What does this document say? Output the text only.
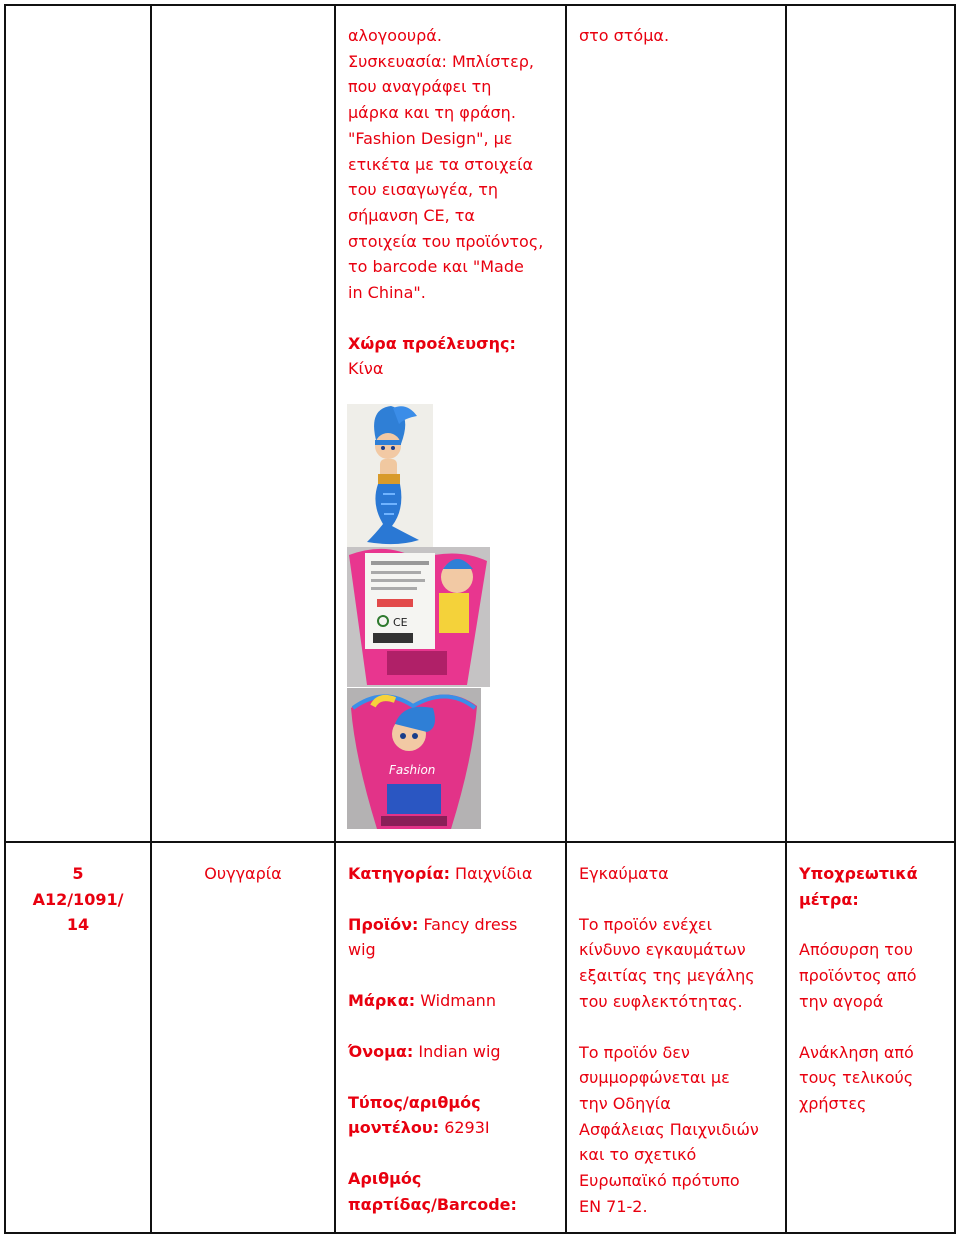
αλογοουρά.

Συσκευασία: Μπλίστερ,

που αναγράφει τη

μάρκα και τη φράση.

"Fashion Design", με

ετικέτα με τα στοιχεία

του εισαγωγέα, τη

σήμανση CE, τα

στοιχεία του προϊόντος,

το barcode και "Made

in China".

Χώρα προέλευσης:

Κίνα

στο στόμα.

CE
Fashion

5

A12/1091/

14

Ουγγαρία	Κατηγορία: Παιχνίδια

Προϊόν: Fancy dress

wig

Μάρκα: Widmann

Όνομα: Indian wig

Τύπος/αριθμός

μοντέλου: 6293I

Αριθμός

παρτίδας/Barcode:

Εγκαύματα

Το προϊόν ενέχει

κίνδυνο εγκαυμάτων

εξαιτίας της μεγάλης

του ευφλεκτότητας.

Το προϊόν δεν

συμμορφώνεται με

την Οδηγία

Ασφάλειας Παιχνιδιών

και το σχετικό

Ευρωπαϊκό πρότυπο

ΕΝ 71-2.

Υποχρεωτικά

μέτρα:

Απόσυρση του

προϊόντος από

την αγορά

Ανάκληση από

τους τελικούς

χρήστες
